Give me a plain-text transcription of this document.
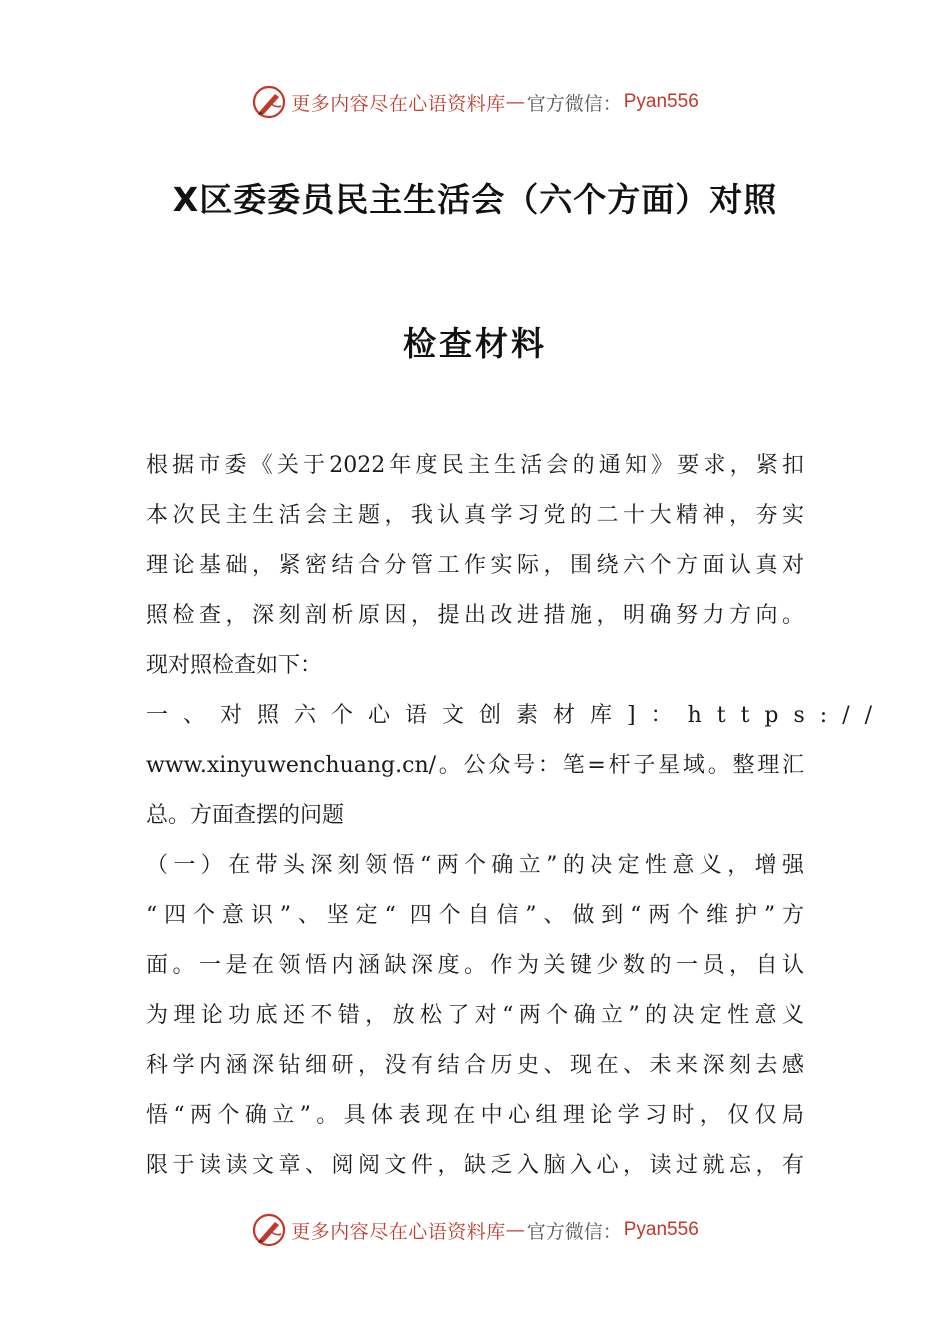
更多内容尽在心语资料库 — 官方微信： Pyan556
X区委委员民主生活会（六个方面）对照
检查材料
根据市委《关于2022年度民主生活会的通知》要求，紧扣
本次民主生活会主题，我认真学习党的二十大精神，夯实
理论基础，紧密结合分管工作实际，围绕六个方面认真对
照检查，深刻剖析原因，提出改进措施，明确努力方向。
现对照检查如下：
一、对照六个心语文创素材库]：https://
www.xinyuwenchuang.cn/。公众号：笔=杆子星域。整理汇
总。方面查摆的问题
（一）在带头深刻领悟“两个确立”的决定性意义，增强
“四个意识”、坚定“ 四个自信”、做到“两个维护”方
面。一是在领悟内涵缺深度。作为关键少数的一员，自认
为理论功底还不错，放松了对“两个确立”的决定性意义
科学内涵深钻细研，没有结合历史、现在、未来深刻去感
悟“两个确立”。具体表现在中心组理论学习时，仅仅局
限于读读文章、阅阅文件，缺乏入脑入心，读过就忘，有
更多内容尽在心语资料库 — 官方微信： Pyan556
